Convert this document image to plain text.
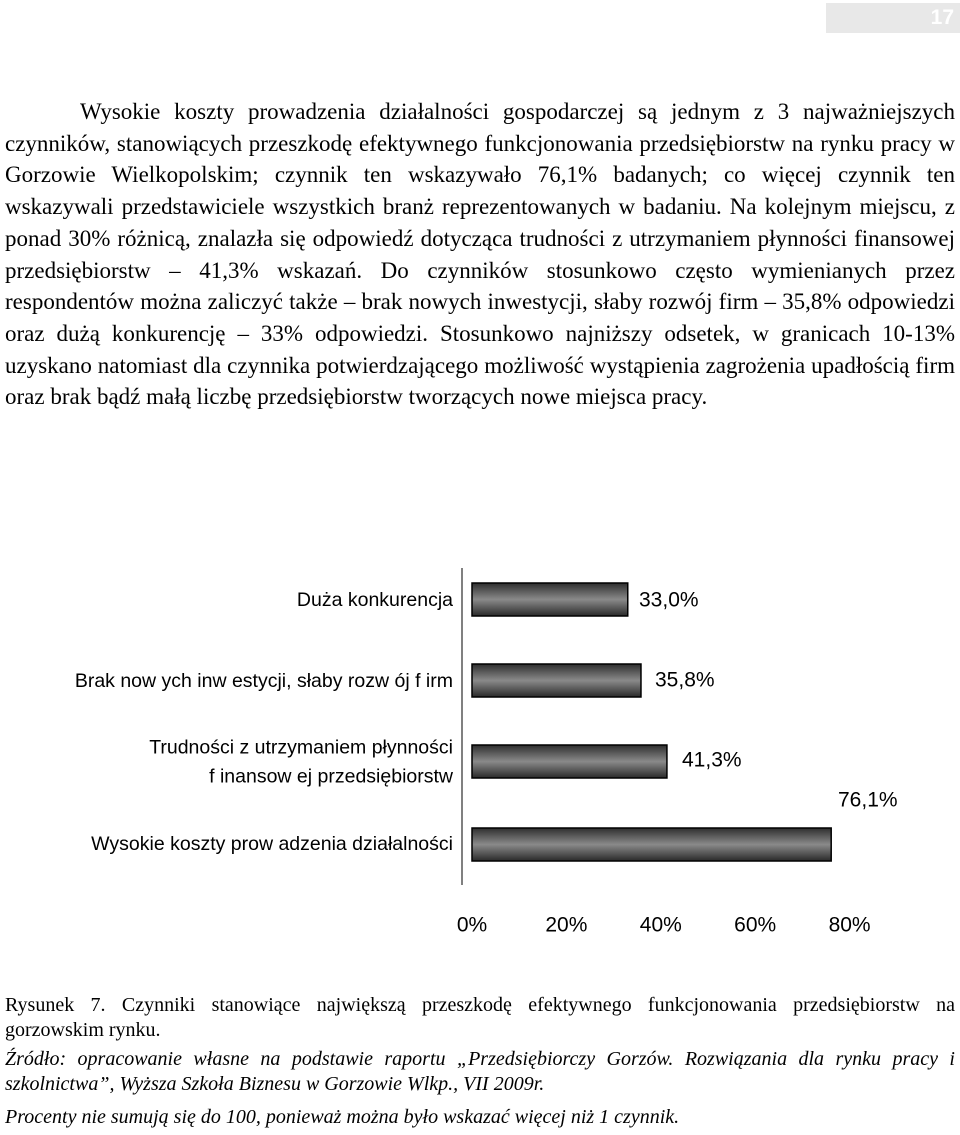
17

Wysokie koszty prowadzenia działalności gospodarczej są jednym z 3 najważniejszych czynników, stanowiących przeszkodę efektywnego funkcjonowania przedsiębiorstw na rynku pracy w Gorzowie Wielkopolskim; czynnik ten wskazywało 76,1% badanych; co więcej czynnik ten wskazywali przedstawiciele wszystkich branż reprezentowanych w badaniu. Na kolejnym miejscu, z ponad 30% różnicą, znalazła się odpowiedź dotycząca trudności z utrzymaniem płynności finansowej przedsiębiorstw – 41,3% wskazań. Do czynników stosunkowo często wymienianych przez respondentów można zaliczyć także – brak nowych inwestycji, słaby rozwój firm – 35,8% odpowiedzi oraz dużą konkurencję – 33% odpowiedzi. Stosunkowo najniższy odsetek, w granicach 10-13% uzyskano natomiast dla czynnika potwierdzającego możliwość wystąpienia zagrożenia upadłością firm oraz brak bądź małą liczbę przedsiębiorstw tworzących nowe miejsca pracy.

Duża konkurencja	33,0%
Brak now ych inw estycji, słaby rozw ój f irm	35,8%
Trudności z utrzymaniem płynności
f inansow ej przedsiębiorstw
41,3%
Wysokie koszty prow adzenia działalności
76,1%
0%	20% 40% 60% 80%

Rysunek 7. Czynniki stanowiące największą przeszkodę efektywnego funkcjonowania przedsiębiorstw na gorzowskim rynku.

Źródło: opracowanie własne na podstawie raportu „Przedsiębiorczy Gorzów. Rozwiązania dla rynku pracy i szkolnictwa”, Wyższa Szkoła Biznesu w Gorzowie Wlkp., VII 2009r.

Procenty nie sumują się do 100, ponieważ można było wskazać więcej niż 1 czynnik.
